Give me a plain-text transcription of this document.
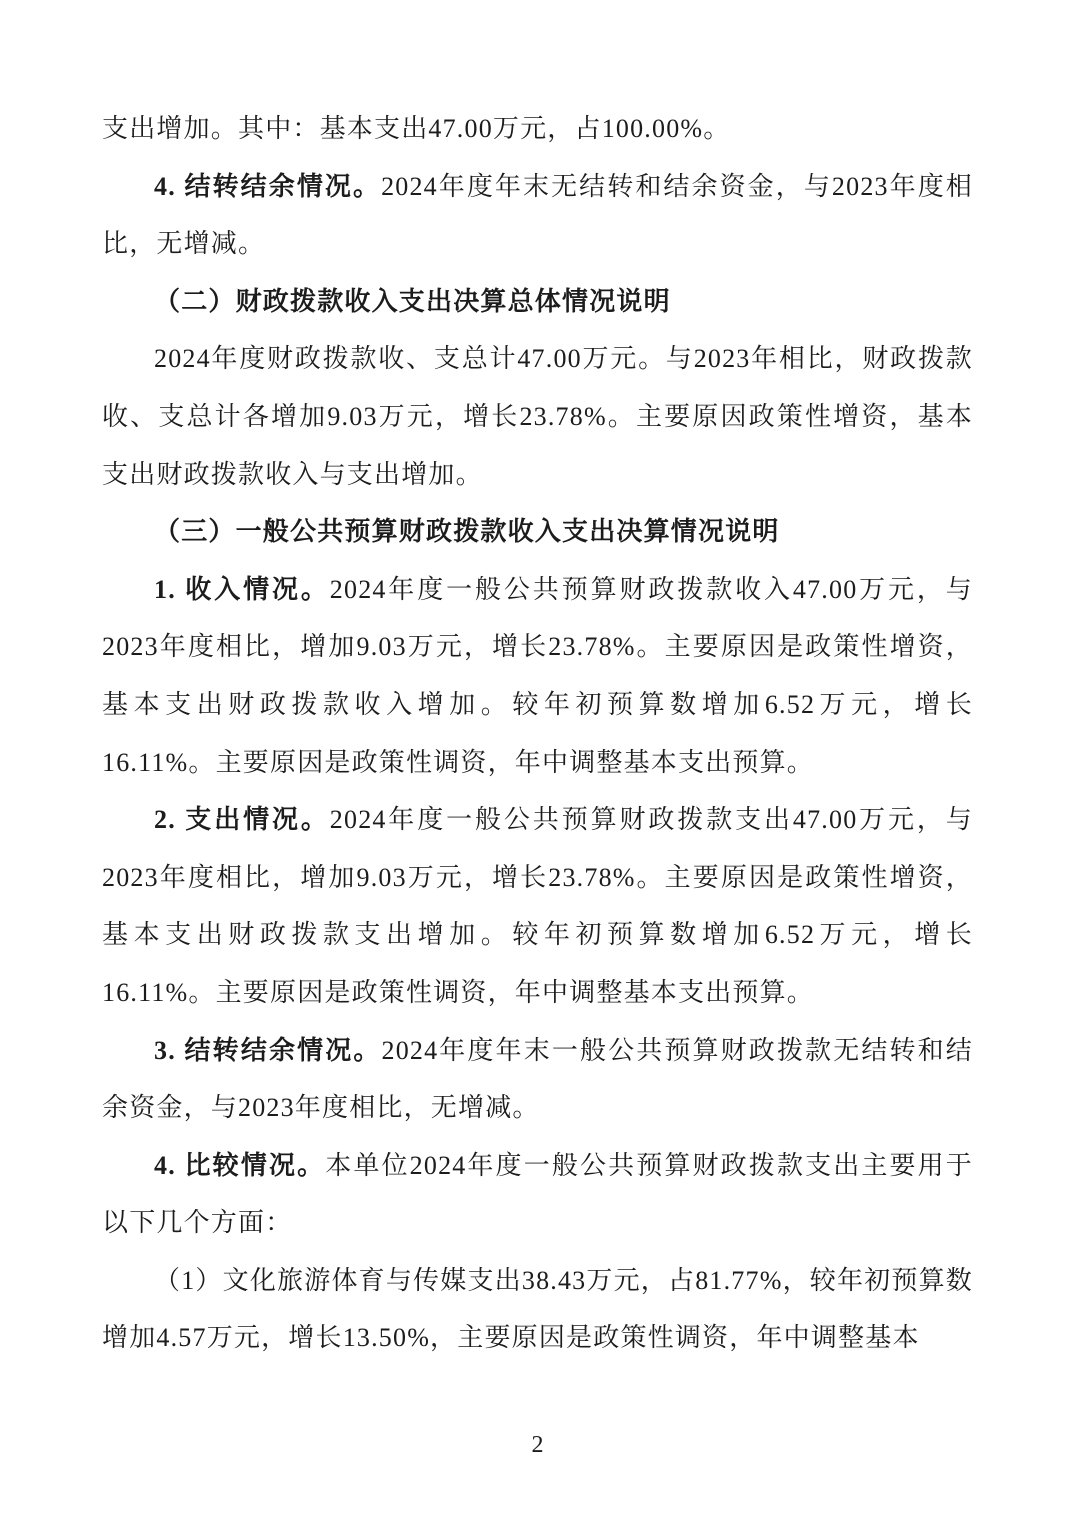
支出增加。其中：基本支出47.00万元，占100.00%。

4. 结转结余情况。2024年度年末无结转和结余资金，与2023年度相比，无增减。

（二）财政拨款收入支出决算总体情况说明

2024年度财政拨款收、支总计47.00万元。与2023年相比，财政拨款收、支总计各增加9.03万元，增长23.78%。主要原因政策性增资，基本支出财政拨款收入与支出增加。

（三）一般公共预算财政拨款收入支出决算情况说明

1. 收入情况。2024年度一般公共预算财政拨款收入47.00万元，与2023年度相比，增加9.03万元，增长23.78%。主要原因是政策性增资，基本支出财政拨款收入增加。较年初预算数增加6.52万元，增长16.11%。主要原因是政策性调资，年中调整基本支出预算。

2. 支出情况。2024年度一般公共预算财政拨款支出47.00万元，与2023年度相比，增加9.03万元，增长23.78%。主要原因是政策性增资，基本支出财政拨款支出增加。较年初预算数增加6.52万元，增长16.11%。主要原因是政策性调资，年中调整基本支出预算。

3. 结转结余情况。2024年度年末一般公共预算财政拨款无结转和结余资金，与2023年度相比，无增减。

4. 比较情况。本单位2024年度一般公共预算财政拨款支出主要用于以下几个方面：

（1）文化旅游体育与传媒支出38.43万元，占81.77%，较年初预算数增加4.57万元，增长13.50%，主要原因是政策性调资，年中调整基本

2
